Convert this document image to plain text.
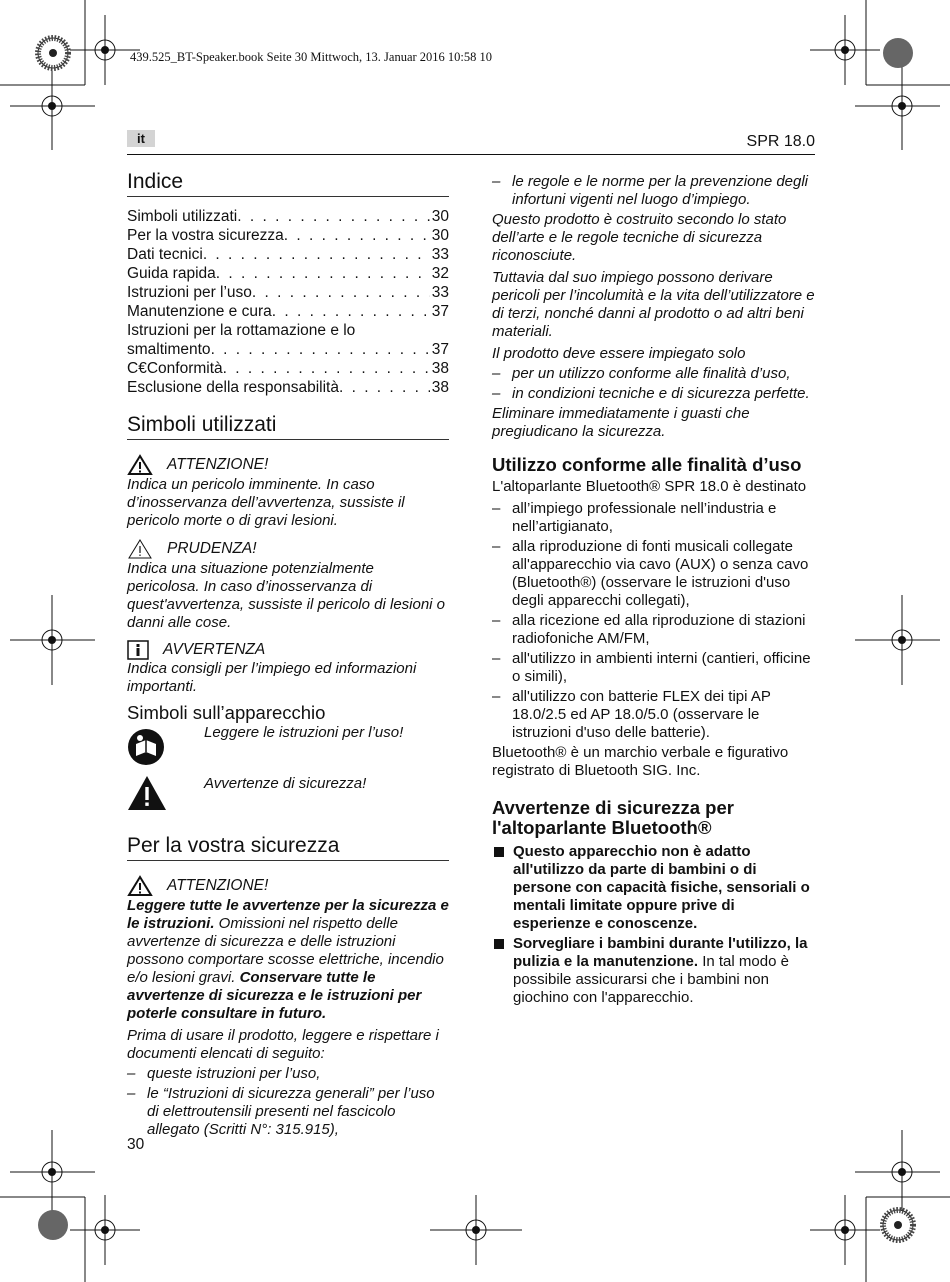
439.525_BT-Speaker.book Seite 30 Mittwoch, 13. Januar 2016 10:58 10
it	SPR 18.0
Indice
Simboli utilizzati . . .	30
Per la vostra sicurezza . . .	30
Dati tecnici . . .	33
Guida rapida . . .	32
Istruzioni per l’uso . . .	33
Manutenzione e cura . . .	37
Istruzioni per la rottamazione e lo
smaltimento . . .	37
C€Conformità . . .	38
Esclusione della responsabilità . . .	38
Simboli utilizzati
ATTENZIONE!

Indica un pericolo imminente. In caso d’inosservanza dell’avvertenza, sussiste il pericolo morte o di gravi lesioni.

PRUDENZA!

Indica una situazione potenzialmente pericolosa. In caso d’inosservanza di quest'avvertenza, sussiste il pericolo di lesioni o danni alle cose.

AVVERTENZA

Indica consigli per l’impiego ed informazioni importanti.

Simboli sull’apparecchio

Leggere le istruzioni per l’uso!

Avvertenze di sicurezza!

Per la vostra sicurezza
ATTENZIONE!

Leggere tutte le avvertenze per la sicurezza e le istruzioni. Omissioni nel rispetto delle avvertenze di sicurezza e delle istruzioni possono comportare scosse elettriche, incendio e/o lesioni gravi. Conservare tutte le avvertenze di sicurezza e le istruzioni per poterle consultare in futuro.

Prima di usare il prodotto, leggere e rispettare i documenti elencati di seguito:

– queste istruzioni per l’uso,
– le “Istruzioni di sicurezza generali” per l’uso di elettroutensili presenti nel fascicolo allegato (Scritti N°: 315.915),
30
– le regole e le norme per la prevenzione degli infortuni vigenti nel luogo d’impiego.

Questo prodotto è costruito secondo lo stato dell’arte e le regole tecniche di sicurezza riconosciute.

Tuttavia dal suo impiego possono derivare pericoli per l’incolumità e la vita dell’utilizzatore e di terzi, nonché danni al prodotto o ad altri beni materiali.

Il prodotto deve essere impiegato solo

– per un utilizzo conforme alle finalità d’uso,
– in condizioni tecniche e di sicurezza perfette.

Eliminare immediatamente i guasti che pregiudicano la sicurezza.

Utilizzo conforme alle finalità d’uso

L'altoparlante Bluetooth® SPR 18.0 è destinato

– all’impiego professionale nell’industria e nell’artigianato,
– alla riproduzione di fonti musicali collegate all'apparecchio via cavo (AUX) o senza cavo (Bluetooth®) (osservare le istruzioni d'uso degli apparecchi collegati),
– alla ricezione ed alla riproduzione di stazioni radiofoniche AM/FM,
– all'utilizzo in ambienti interni (cantieri, officine o simili),
– all'utilizzo con batterie FLEX dei tipi AP 18.0/2.5 ed AP 18.0/5.0 (osservare le istruzioni d'uso delle batterie).

Bluetooth® è un marchio verbale e figurativo registrato di Bluetooth SIG. Inc.

Avvertenze di sicurezza per l'altoparlante Bluetooth®
Questo apparecchio non è adatto all'utilizzo da parte di bambini o di persone con capacità fisiche, sensoriali o mentali limitate oppure prive di esperienze e conoscenze.
Sorvegliare i bambini durante l'utilizzo, la pulizia e la manutenzione. In tal modo è possibile assicurarsi che i bambini non giochino con l'apparecchio.
